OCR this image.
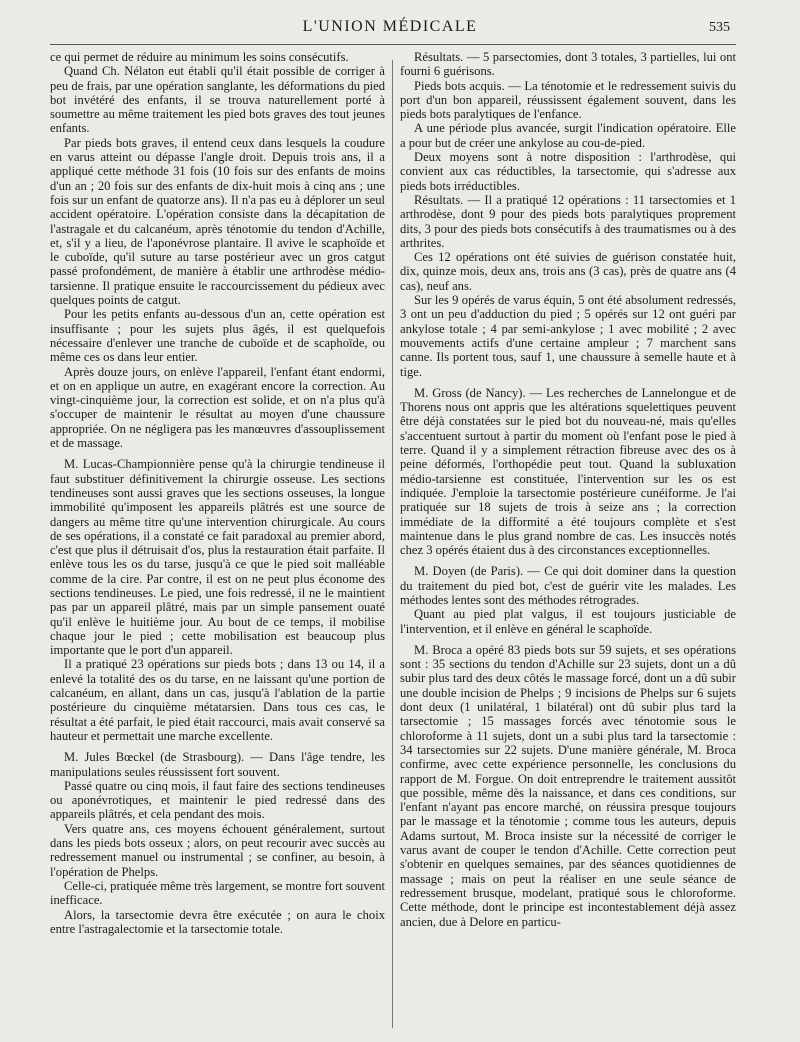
L'UNION MÉDICALE	535

ce qui permet de réduire au minimum les soins consécutifs.

Quand Ch. Nélaton eut établi qu'il était possible de corriger à peu de frais, par une opération sanglante, les déformations du pied bot invétéré des enfants, il se trouva naturellement porté à soumettre au même traitement les pied bots graves des tout jeunes enfants.

Par pieds bots graves, il entend ceux dans lesquels la coudure en varus atteint ou dépasse l'angle droit. Depuis trois ans, il a appliqué cette méthode 31 fois (10 fois sur des enfants de moins d'un an ; 20 fois sur des enfants de dix-huit mois à cinq ans ; une fois sur un enfant de quatorze ans). Il n'a pas eu à déplorer un seul accident opératoire. L'opération consiste dans la décapitation de l'astragale et du calcanéum, après ténotomie du tendon d'Achille, et, s'il y a lieu, de l'aponévrose plantaire. Il avive le scaphoïde et le cuboïde, qu'il suture au tarse postérieur avec un gros catgut passé profondément, de manière à établir une arthrodèse médio-tarsienne. Il pratique ensuite le raccourcissement du pédieux avec quelques points de catgut.

Pour les petits enfants au-dessous d'un an, cette opération est insuffisante ; pour les sujets plus âgés, il est quelquefois nécessaire d'enlever une tranche de cuboïde et de scaphoïde, ou même ces os dans leur entier.

Après douze jours, on enlève l'appareil, l'enfant étant endormi, et on en applique un autre, en exagérant encore la correction. Au vingt-cinquième jour, la correction est solide, et on n'a plus qu'à s'occuper de maintenir le résultat au moyen d'une chaussure appropriée. On ne négligera pas les manœuvres d'assouplissement et de massage.

M. Lucas-Championnière pense qu'à la chirurgie tendineuse il faut substituer définitivement la chirurgie osseuse. Les sections tendineuses sont aussi graves que les sections osseuses, la longue immobilité qu'imposent les appareils plâtrés est une source de dangers au même titre qu'une intervention chirurgicale. Au cours de ses opérations, il a constaté ce fait paradoxal au premier abord, c'est que plus il détruisait d'os, plus la restauration était parfaite. Il enlève tous les os du tarse, jusqu'à ce que le pied soit malléable comme de la cire. Par contre, il est on ne peut plus économe des sections tendineuses. Le pied, une fois redressé, il ne le maintient pas par un appareil plâtré, mais par un simple pansement ouaté qu'il enlève le huitième jour. Au bout de ce temps, il mobilise chaque jour le pied ; cette mobilisation est beaucoup plus importante que le port d'un appareil.

Il a pratiqué 23 opérations sur pieds bots ; dans 13 ou 14, il a enlevé la totalité des os du tarse, en ne laissant qu'une portion de calcanéum, en allant, dans un cas, jusqu'à l'ablation de la partie postérieure du cinquième métatarsien. Dans tous ces cas, le résultat a été parfait, le pied était raccourci, mais avait conservé sa hauteur et permettait une marche excellente.

M. Jules Bœckel (de Strasbourg). — Dans l'âge tendre, les manipulations seules réussissent fort souvent.

Passé quatre ou cinq mois, il faut faire des sections tendineuses ou aponévrotiques, et maintenir le pied redressé dans des appareils plâtrés, et cela pendant des mois.

Vers quatre ans, ces moyens échouent généralement, surtout dans les pieds bots osseux ; alors, on peut recourir avec succès au redressement manuel ou instrumental ; se confiner, au besoin, à l'opération de Phelps.

Celle-ci, pratiquée même très largement, se montre fort souvent inefficace.

Alors, la tarsectomie devra être exécutée ; on aura le choix entre l'astragalectomie et la tarsectomie totale.

Résultats. — 5 parsectomies, dont 3 totales, 3 partielles, lui ont fourni 6 guérisons.

Pieds bots acquis. — La ténotomie et le redressement suivis du port d'un bon appareil, réussissent également souvent, dans les pieds bots paralytiques de l'enfance.

A une période plus avancée, surgit l'indication opératoire. Elle a pour but de créer une ankylose au cou-de-pied.

Deux moyens sont à notre disposition : l'arthrodèse, qui convient aux cas réductibles, la tarsectomie, qui s'adresse aux pieds bots irréductibles.

Résultats. — Il a pratiqué 12 opérations : 11 tarsectomies et 1 arthrodèse, dont 9 pour des pieds bots paralytiques proprement dits, 3 pour des pieds bots consécutifs à des traumatismes ou à des arthrites.

Ces 12 opérations ont été suivies de guérison constatée huit, dix, quinze mois, deux ans, trois ans (3 cas), près de quatre ans (4 cas), neuf ans.

Sur les 9 opérés de varus équin, 5 ont été absolument redressés, 3 ont un peu d'adduction du pied ; 5 opérés sur 12 ont guéri par ankylose totale ; 4 par semi-ankylose ; 1 avec mobilité ; 2 avec mouvements actifs d'une certaine ampleur ; 7 marchent sans canne. Ils portent tous, sauf 1, une chaussure à semelle haute et à tige.

M. Gross (de Nancy). — Les recherches de Lannelongue et de Thorens nous ont appris que les altérations squelettiques peuvent être déjà constatées sur le pied bot du nouveau-né, mais qu'elles s'accentuent surtout à partir du moment où l'enfant pose le pied à terre. Quand il y a simplement rétraction fibreuse avec des os à peine déformés, l'orthopédie peut tout. Quand la subluxation médio-tarsienne est constituée, l'intervention sur les os est indiquée. J'emploie la tarsectomie postérieure cunéiforme. Je l'ai pratiquée sur 18 sujets de trois à seize ans ; la correction immédiate de la difformité a été toujours complète et s'est maintenue dans le plus grand nombre de cas. Les insuccès notés chez 3 opérés étaient dus à des circonstances exceptionnelles.

M. Doyen (de Paris). — Ce qui doit dominer dans la question du traitement du pied bot, c'est de guérir vite les malades. Les méthodes lentes sont des méthodes rétrogrades.

Quant au pied plat valgus, il est toujours justiciable de l'intervention, et il enlève en général le scaphoïde.

M. Broca a opéré 83 pieds bots sur 59 sujets, et ses opérations sont : 35 sections du tendon d'Achille sur 23 sujets, dont un a dû subir plus tard des deux côtés le massage forcé, dont un a dû subir une double incision de Phelps ; 9 incisions de Phelps sur 6 sujets dont deux (1 unilatéral, 1 bilatéral) ont dû subir plus tard la tarsectomie ; 15 massages forcés avec ténotomie sous le chloroforme à 11 sujets, dont un a subi plus tard la tarsectomie : 34 tarsectomies sur 22 sujets. D'une manière générale, M. Broca confirme, avec cette expérience personnelle, les conclusions du rapport de M. Forgue. On doit entreprendre le traitement aussitôt que possible, même dès la naissance, et dans ces conditions, sur l'enfant n'ayant pas encore marché, on réussira presque toujours par le massage et la ténotomie ; comme tous les auteurs, depuis Adams surtout, M. Broca insiste sur la nécessité de corriger le varus avant de couper le tendon d'Achille. Cette correction peut s'obtenir en quelques semaines, par des séances quotidiennes de massage ; mais on peut la réaliser en une seule séance de redressement brusque, modelant, pratiqué sous le chloroforme. Cette méthode, dont le principe est incontestablement déjà assez ancien, due à Delore en particu-
